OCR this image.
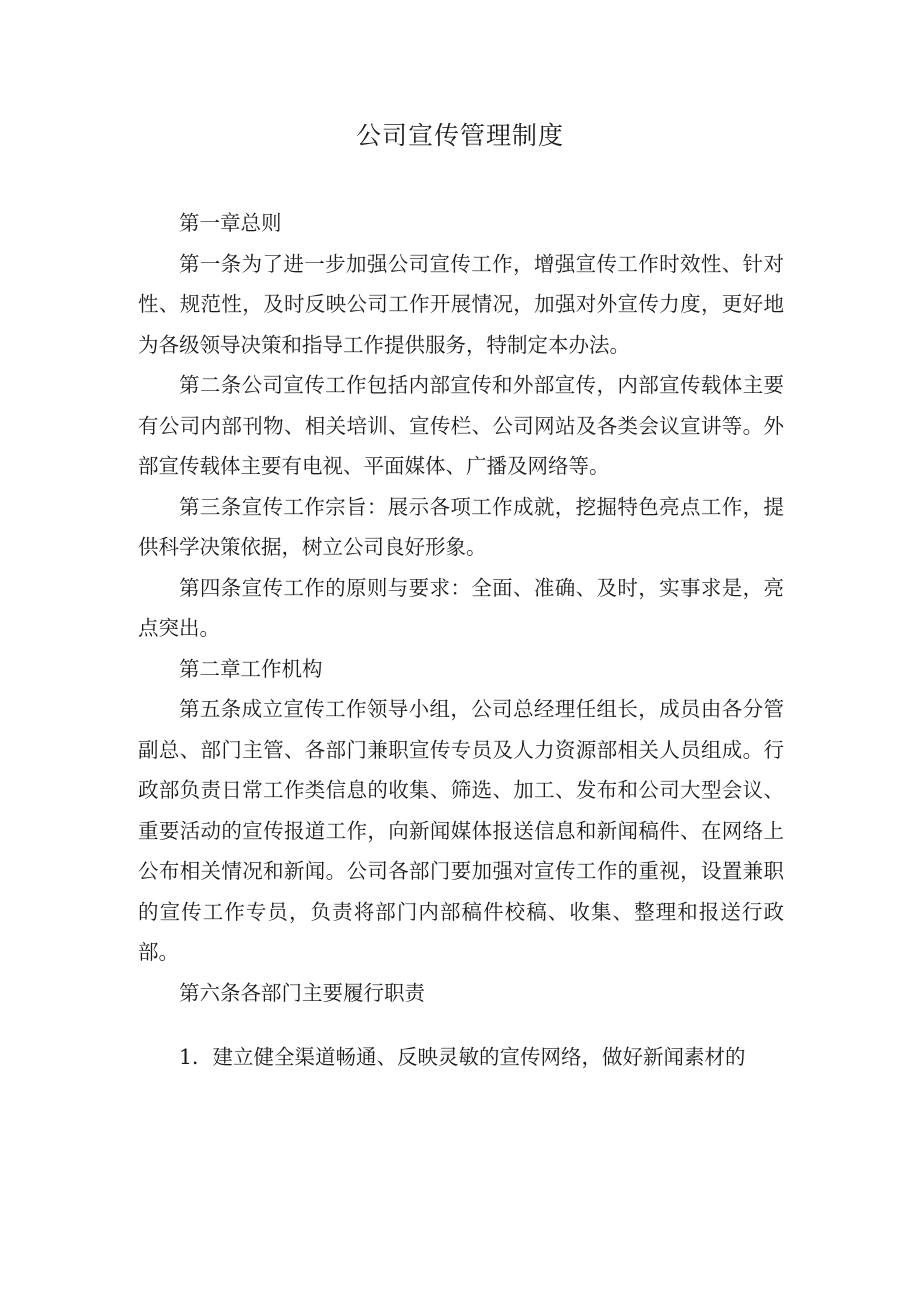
公司宣传管理制度

第一章总则

第一条为了进一步加强公司宣传工作，增强宣传工作时效性、针对性、规范性，及时反映公司工作开展情况，加强对外宣传力度，更好地为各级领导决策和指导工作提供服务，特制定本办法。

第二条公司宣传工作包括内部宣传和外部宣传，内部宣传载体主要有公司内部刊物、相关培训、宣传栏、公司网站及各类会议宣讲等。外部宣传载体主要有电视、平面媒体、广播及网络等。

第三条宣传工作宗旨：展示各项工作成就，挖掘特色亮点工作，提供科学决策依据，树立公司良好形象。

第四条宣传工作的原则与要求：全面、准确、及时，实事求是，亮点突出。

第二章工作机构

第五条成立宣传工作领导小组，公司总经理任组长，成员由各分管副总、部门主管、各部门兼职宣传专员及人力资源部相关人员组成。行政部负责日常工作类信息的收集、筛选、加工、发布和公司大型会议、重要活动的宣传报道工作，向新闻媒体报送信息和新闻稿件、在网络上公布相关情况和新闻。公司各部门要加强对宣传工作的重视，设置兼职的宣传工作专员，负责将部门内部稿件校稿、收集、整理和报送行政部。

第六条各部门主要履行职责

1．建立健全渠道畅通、反映灵敏的宣传网络，做好新闻素材的
